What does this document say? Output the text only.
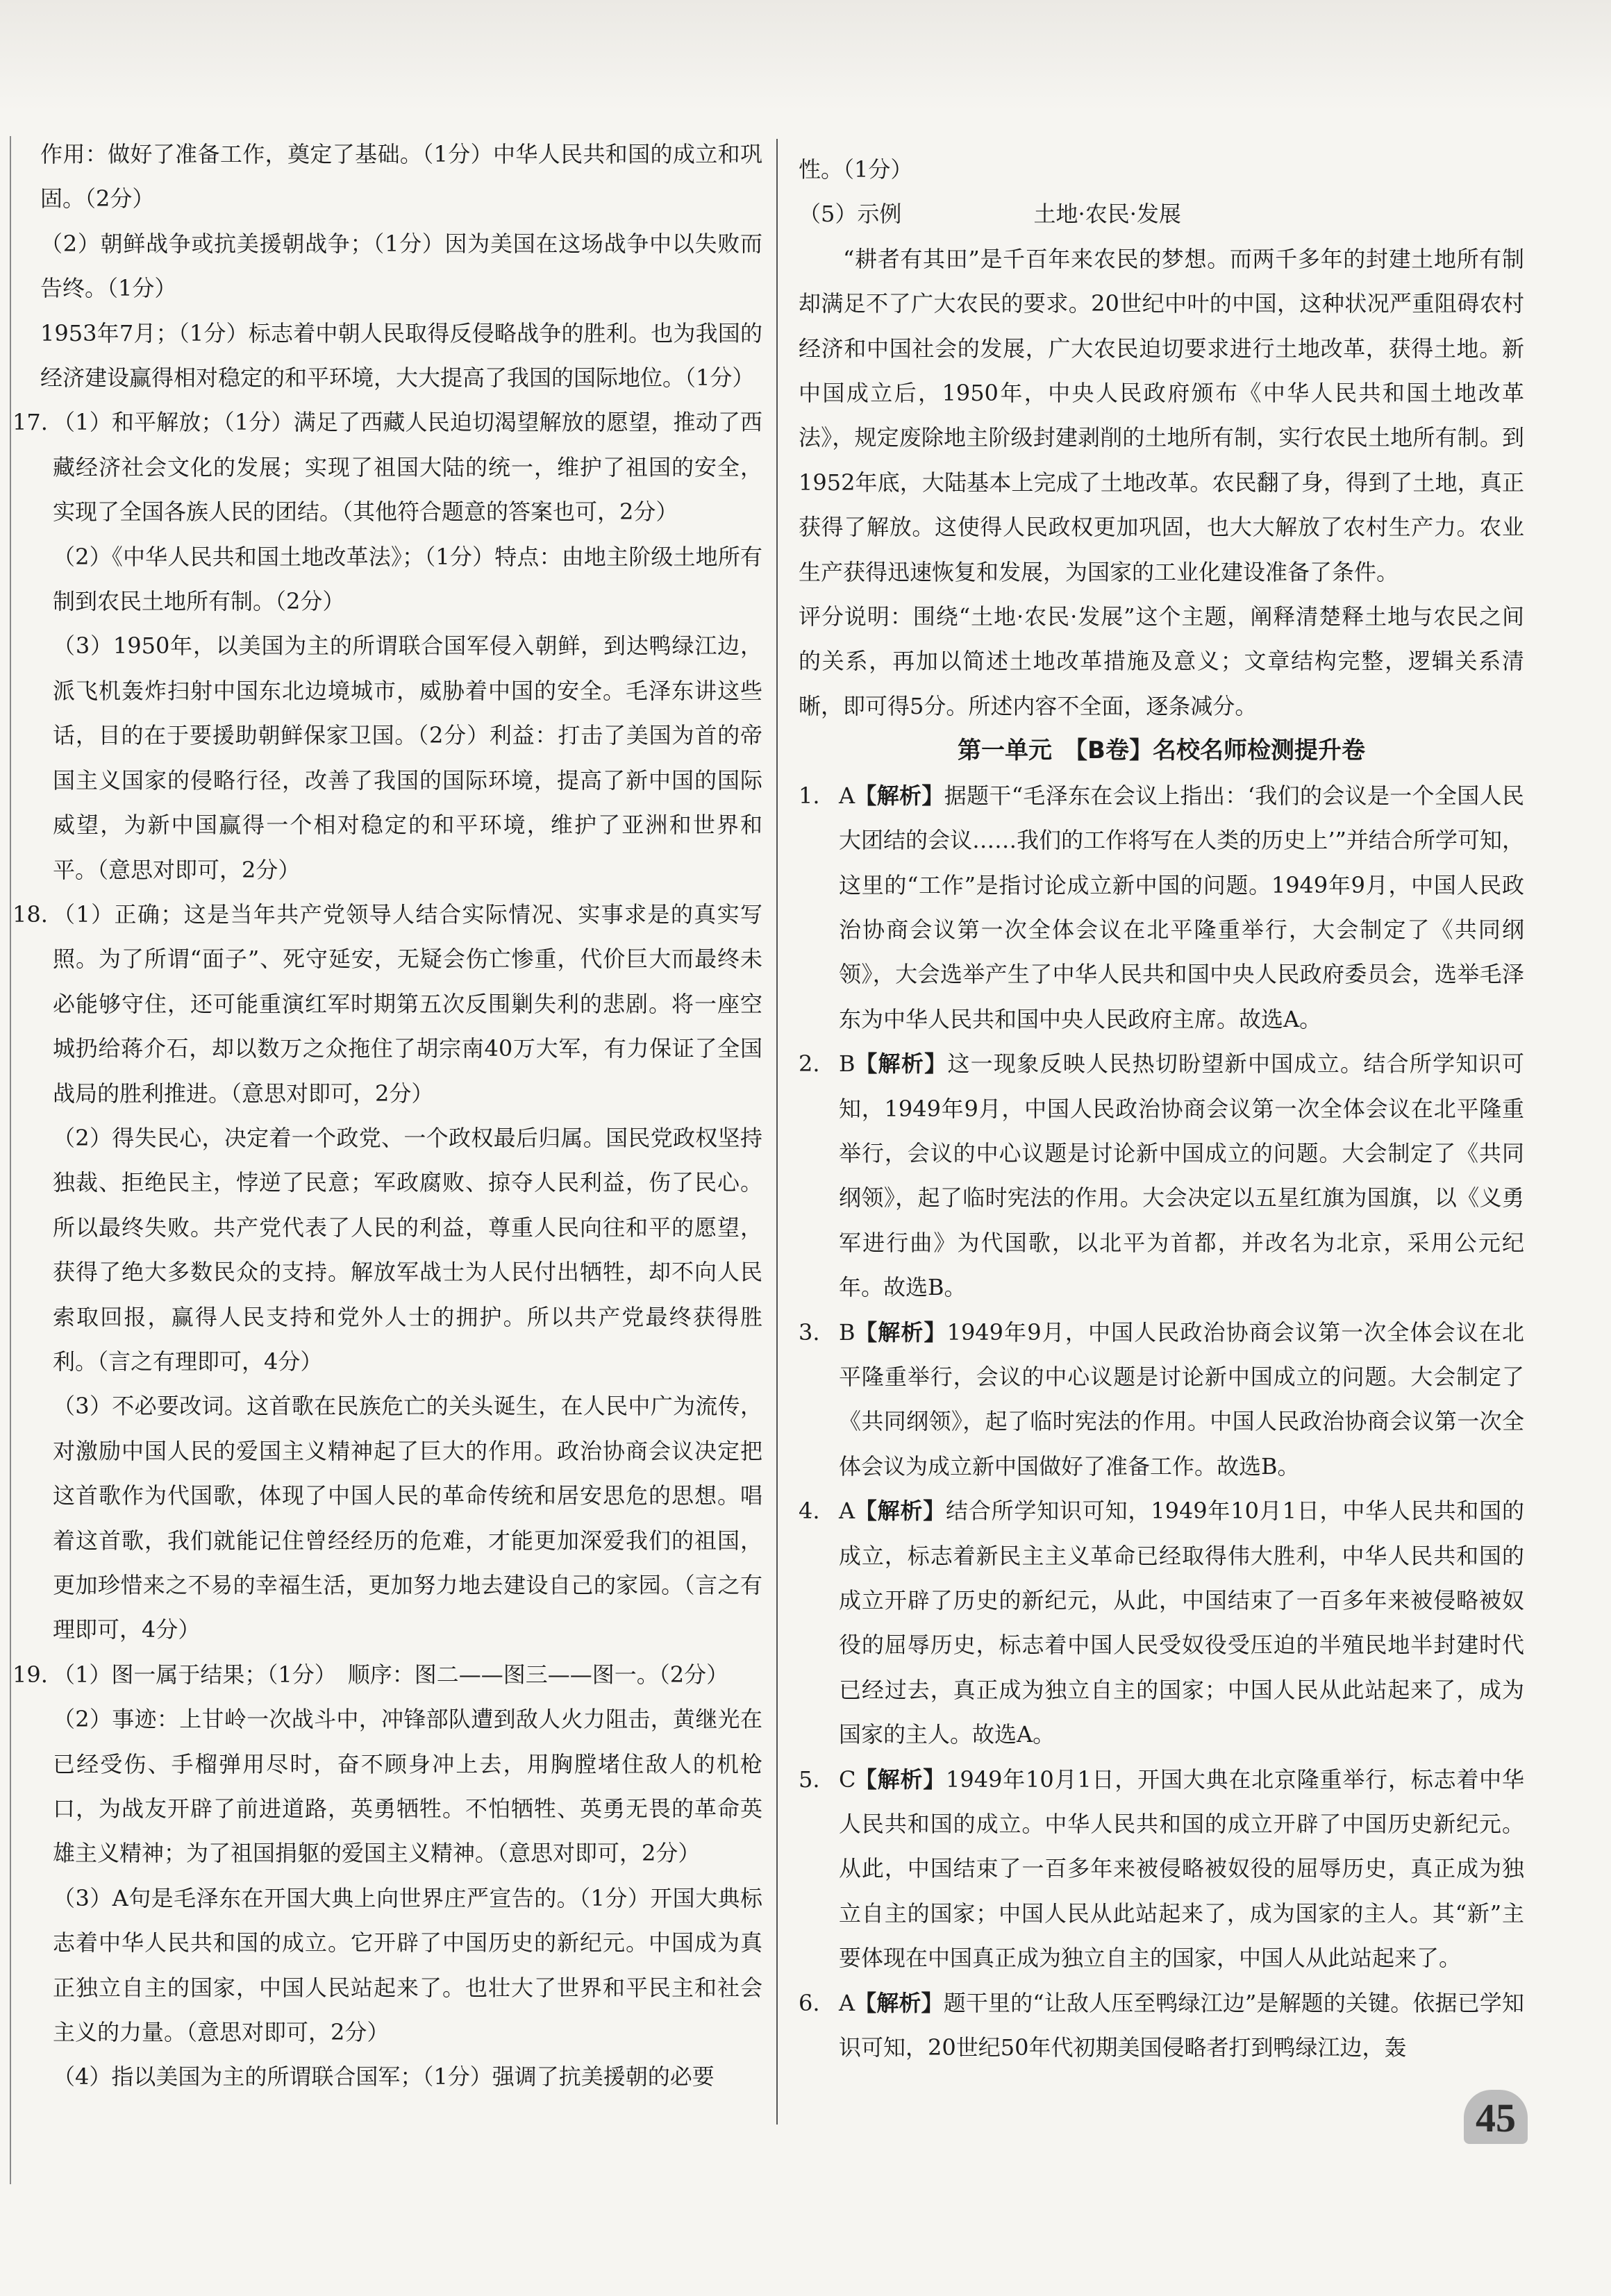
作用：做好了准备工作，奠定了基础。（1分）中华人民共和国的成立和巩固。（2分）

（2）朝鲜战争或抗美援朝战争；（1分）因为美国在这场战争中以失败而告终。（1分）

1953年7月；（1分）标志着中朝人民取得反侵略战争的胜利。也为我国的经济建设赢得相对稳定的和平环境，大大提高了我国的国际地位。（1分）

17. （1）和平解放；（1分）满足了西藏人民迫切渴望解放的愿望，推动了西藏经济社会文化的发展；实现了祖国大陆的统一，维护了祖国的安全，实现了全国各族人民的团结。（其他符合题意的答案也可，2分）

（2）《中华人民共和国土地改革法》；（1分）特点：由地主阶级土地所有制到农民土地所有制。（2分）

（3）1950年，以美国为主的所谓联合国军侵入朝鲜，到达鸭绿江边，派飞机轰炸扫射中国东北边境城市，威胁着中国的安全。毛泽东讲这些话，目的在于要援助朝鲜保家卫国。（2分）利益：打击了美国为首的帝国主义国家的侵略行径，改善了我国的国际环境，提高了新中国的国际威望，为新中国赢得一个相对稳定的和平环境，维护了亚洲和世界和平。（意思对即可，2分）

18. （1）正确；这是当年共产党领导人结合实际情况、实事求是的真实写照。为了所谓“面子”、死守延安，无疑会伤亡惨重，代价巨大而最终未必能够守住，还可能重演红军时期第五次反围剿失利的悲剧。将一座空城扔给蒋介石，却以数万之众拖住了胡宗南40万大军，有力保证了全国战局的胜利推进。（意思对即可，2分）

（2）得失民心，决定着一个政党、一个政权最后归属。国民党政权坚持独裁、拒绝民主，悖逆了民意；军政腐败、掠夺人民利益，伤了民心。所以最终失败。共产党代表了人民的利益，尊重人民向往和平的愿望，获得了绝大多数民众的支持。解放军战士为人民付出牺牲，却不向人民索取回报，赢得人民支持和党外人士的拥护。所以共产党最终获得胜利。（言之有理即可，4分）

（3）不必要改词。这首歌在民族危亡的关头诞生，在人民中广为流传，对激励中国人民的爱国主义精神起了巨大的作用。政治协商会议决定把这首歌作为代国歌，体现了中国人民的革命传统和居安思危的思想。唱着这首歌，我们就能记住曾经经历的危难，才能更加深爱我们的祖国，更加珍惜来之不易的幸福生活，更加努力地去建设自己的家园。（言之有理即可，4分）

19. （1）图一属于结果；（1分）　顺序：图二——图三——图一。（2分）

（2）事迹：上甘岭一次战斗中，冲锋部队遭到敌人火力阻击，黄继光在已经受伤、手榴弹用尽时，奋不顾身冲上去，用胸膛堵住敌人的机枪口，为战友开辟了前进道路，英勇牺牲。不怕牺牲、英勇无畏的革命英雄主义精神；为了祖国捐躯的爱国主义精神。（意思对即可，2分）

（3）A句是毛泽东在开国大典上向世界庄严宣告的。（1分）开国大典标志着中华人民共和国的成立。它开辟了中国历史的新纪元。中国成为真正独立自主的国家，中国人民站起来了。也壮大了世界和平民主和社会主义的力量。（意思对即可，2分）

（4）指以美国为主的所谓联合国军；（1分）强调了抗美援朝的必要

性。（1分）

（5）示例	土地·农民·发展

“耕者有其田”是千百年来农民的梦想。而两千多年的封建土地所有制却满足不了广大农民的要求。20世纪中叶的中国，这种状况严重阻碍农村经济和中国社会的发展，广大农民迫切要求进行土地改革，获得土地。新中国成立后，1950年，中央人民政府颁布《中华人民共和国土地改革法》，规定废除地主阶级封建剥削的土地所有制，实行农民土地所有制。到1952年底，大陆基本上完成了土地改革。农民翻了身，得到了土地，真正获得了解放。这使得人民政权更加巩固，也大大解放了农村生产力。农业生产获得迅速恢复和发展，为国家的工业化建设准备了条件。

评分说明：围绕“土地·农民·发展”这个主题，阐释清楚释土地与农民之间的关系，再加以简述土地改革措施及意义；文章结构完整，逻辑关系清晰，即可得5分。所述内容不全面，逐条减分。

第一单元　【B卷】名校名师检测提升卷

1. A【解析】据题干“毛泽东在会议上指出：‘我们的会议是一个全国人民大团结的会议……我们的工作将写在人类的历史上’”并结合所学可知，这里的“工作”是指讨论成立新中国的问题。1949年9月，中国人民政治协商会议第一次全体会议在北平隆重举行，大会制定了《共同纲领》，大会选举产生了中华人民共和国中央人民政府委员会，选举毛泽东为中华人民共和国中央人民政府主席。故选A。
2. B【解析】这一现象反映人民热切盼望新中国成立。结合所学知识可知，1949年9月，中国人民政治协商会议第一次全体会议在北平隆重举行，会议的中心议题是讨论新中国成立的问题。大会制定了《共同纲领》，起了临时宪法的作用。大会决定以五星红旗为国旗，以《义勇军进行曲》为代国歌，以北平为首都，并改名为北京，采用公元纪年。故选B。
3. B【解析】1949年9月，中国人民政治协商会议第一次全体会议在北平隆重举行，会议的中心议题是讨论新中国成立的问题。大会制定了《共同纲领》，起了临时宪法的作用。中国人民政治协商会议第一次全体会议为成立新中国做好了准备工作。故选B。
4. A【解析】结合所学知识可知，1949年10月1日，中华人民共和国的成立，标志着新民主主义革命已经取得伟大胜利，中华人民共和国的成立开辟了历史的新纪元，从此，中国结束了一百多年来被侵略被奴役的屈辱历史，标志着中国人民受奴役受压迫的半殖民地半封建时代已经过去，真正成为独立自主的国家；中国人民从此站起来了，成为国家的主人。故选A。
5. C【解析】1949年10月1日，开国大典在北京隆重举行，标志着中华人民共和国的成立。中华人民共和国的成立开辟了中国历史新纪元。从此，中国结束了一百多年来被侵略被奴役的屈辱历史，真正成为独立自主的国家；中国人民从此站起来了，成为国家的主人。其“新”主要体现在中国真正成为独立自主的国家，中国人从此站起来了。
6. A【解析】题干里的“让敌人压至鸭绿江边”是解题的关键。依据已学知识可知，20世纪50年代初期美国侵略者打到鸭绿江边，轰
45
